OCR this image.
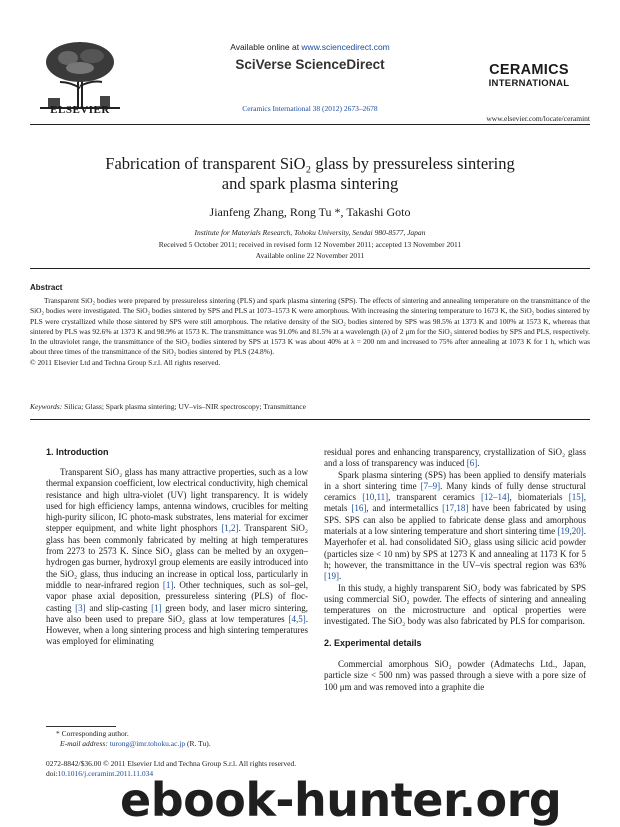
ELSEVIER
Available online at www.sciencedirect.com
SciVerse ScienceDirect
Ceramics International 38 (2012) 2673–2678
CERAMICS
INTERNATIONAL
www.elsevier.com/locate/ceramint
Fabrication of transparent SiO₂ glass by pressureless sintering
and spark plasma sintering
Jianfeng Zhang, Rong Tu *, Takashi Goto
Institute for Materials Research, Tohoku University, Sendai 980-8577, Japan
Received 5 October 2011; received in revised form 12 November 2011; accepted 13 November 2011
Available online 22 November 2011
Abstract
Transparent SiO₂ bodies were prepared by pressureless sintering (PLS) and spark plasma sintering (SPS). The effects of sintering and annealing temperature on the transmittance of the SiO₂ bodies were investigated. The SiO₂ bodies sintered by SPS and PLS at 1073–1573 K were amorphous. With increasing the sintering temperature to 1673 K, the SiO₂ bodies sintered by PLS were crystallized while those sintered by SPS were still amorphous. The relative density of the SiO₂ bodies sintered by SPS was 98.5% at 1373 K and 100% at 1573 K, whereas that sintered by PLS was 92.6% at 1373 K and 98.9% at 1573 K. The transmittance was 91.0% and 81.5% at a wavelength (λ) of 2 μm for the SiO₂ sintered bodies by SPS and PLS, respectively. In the ultraviolet range, the transmittance of the SiO₂ bodies sintered by SPS at 1573 K was about 40% at λ = 200 nm and increased to 75% after annealing at 1073 K for 1 h, which was about three times of the transmittance of the SiO₂ bodies sintered by PLS (24.8%).
© 2011 Elsevier Ltd and Techna Group S.r.l. All rights reserved.
Keywords: Silica; Glass; Spark plasma sintering; UV–vis–NIR spectroscopy; Transmittance
1. Introduction

Transparent SiO₂ glass has many attractive properties, such as a low thermal expansion coefficient, low electrical conductivity, high chemical resistance and high ultra-violet (UV) light transparency. It is widely used for high efficiency lamps, antenna windows, crucibles for melting high-purity silicon, IC photo-mask substrates, lens material for excimer stepper equipment, and white light phosphors [1,2]. Transparent SiO₂ glass has been commonly fabricated by melting at high temperatures from 2273 to 2573 K. Since SiO₂ glass can be melted by an oxygen–hydrogen gas burner, hydroxyl group elements are easily introduced into the SiO₂ glass, thus inducing an increase in optical loss, particularly in middle to near-infrared region [1]. Other techniques, such as sol–gel, vapor phase axial deposition, pressureless sintering (PLS) of floc-casting [3] and slip-casting [1] green body, and laser micro sintering, have also been used to prepare SiO₂ glass at low temperatures [4,5]. However, when a long sintering process and high sintering temperatures was employed for eliminating

residual pores and enhancing transparency, crystallization of SiO₂ glass and a loss of transparency was induced [6].

Spark plasma sintering (SPS) has been applied to densify materials in a short sintering time [7–9]. Many kinds of fully dense structural ceramics [10,11], transparent ceramics [12–14], biomaterials [15], metals [16], and intermetallics [17,18] have been fabricated by using SPS. SPS can also be applied to fabricate dense glass and amorphous materials at a low sintering temperature and short sintering time [19,20]. Mayerhofer et al. had consolidated SiO₂ glass using silicic acid powder (particles size < 10 nm) by SPS at 1273 K and annealing at 1173 K for 5 h; however, the transmittance in the UV–vis spectral region was 63% [19].

In this study, a highly transparent SiO₂ body was fabricated by SPS using commercial SiO₂ powder. The effects of sintering and annealing temperatures on the microstructure and optical properties were investigated. The SiO₂ body was also fabricated by PLS for comparison.

2. Experimental details

Commercial amorphous SiO₂ powder (Admatechs Ltd., Japan, particle size < 500 nm) was passed through a sieve with a pore size of 100 μm and was removed into a graphite die

* Corresponding author.
E-mail address: turong@imr.tohoku.ac.jp (R. Tu).
0272-8842/$36.00 © 2011 Elsevier Ltd and Techna Group S.r.l. All rights reserved.
doi:10.1016/j.ceramint.2011.11.034
ebook-hunter.org
